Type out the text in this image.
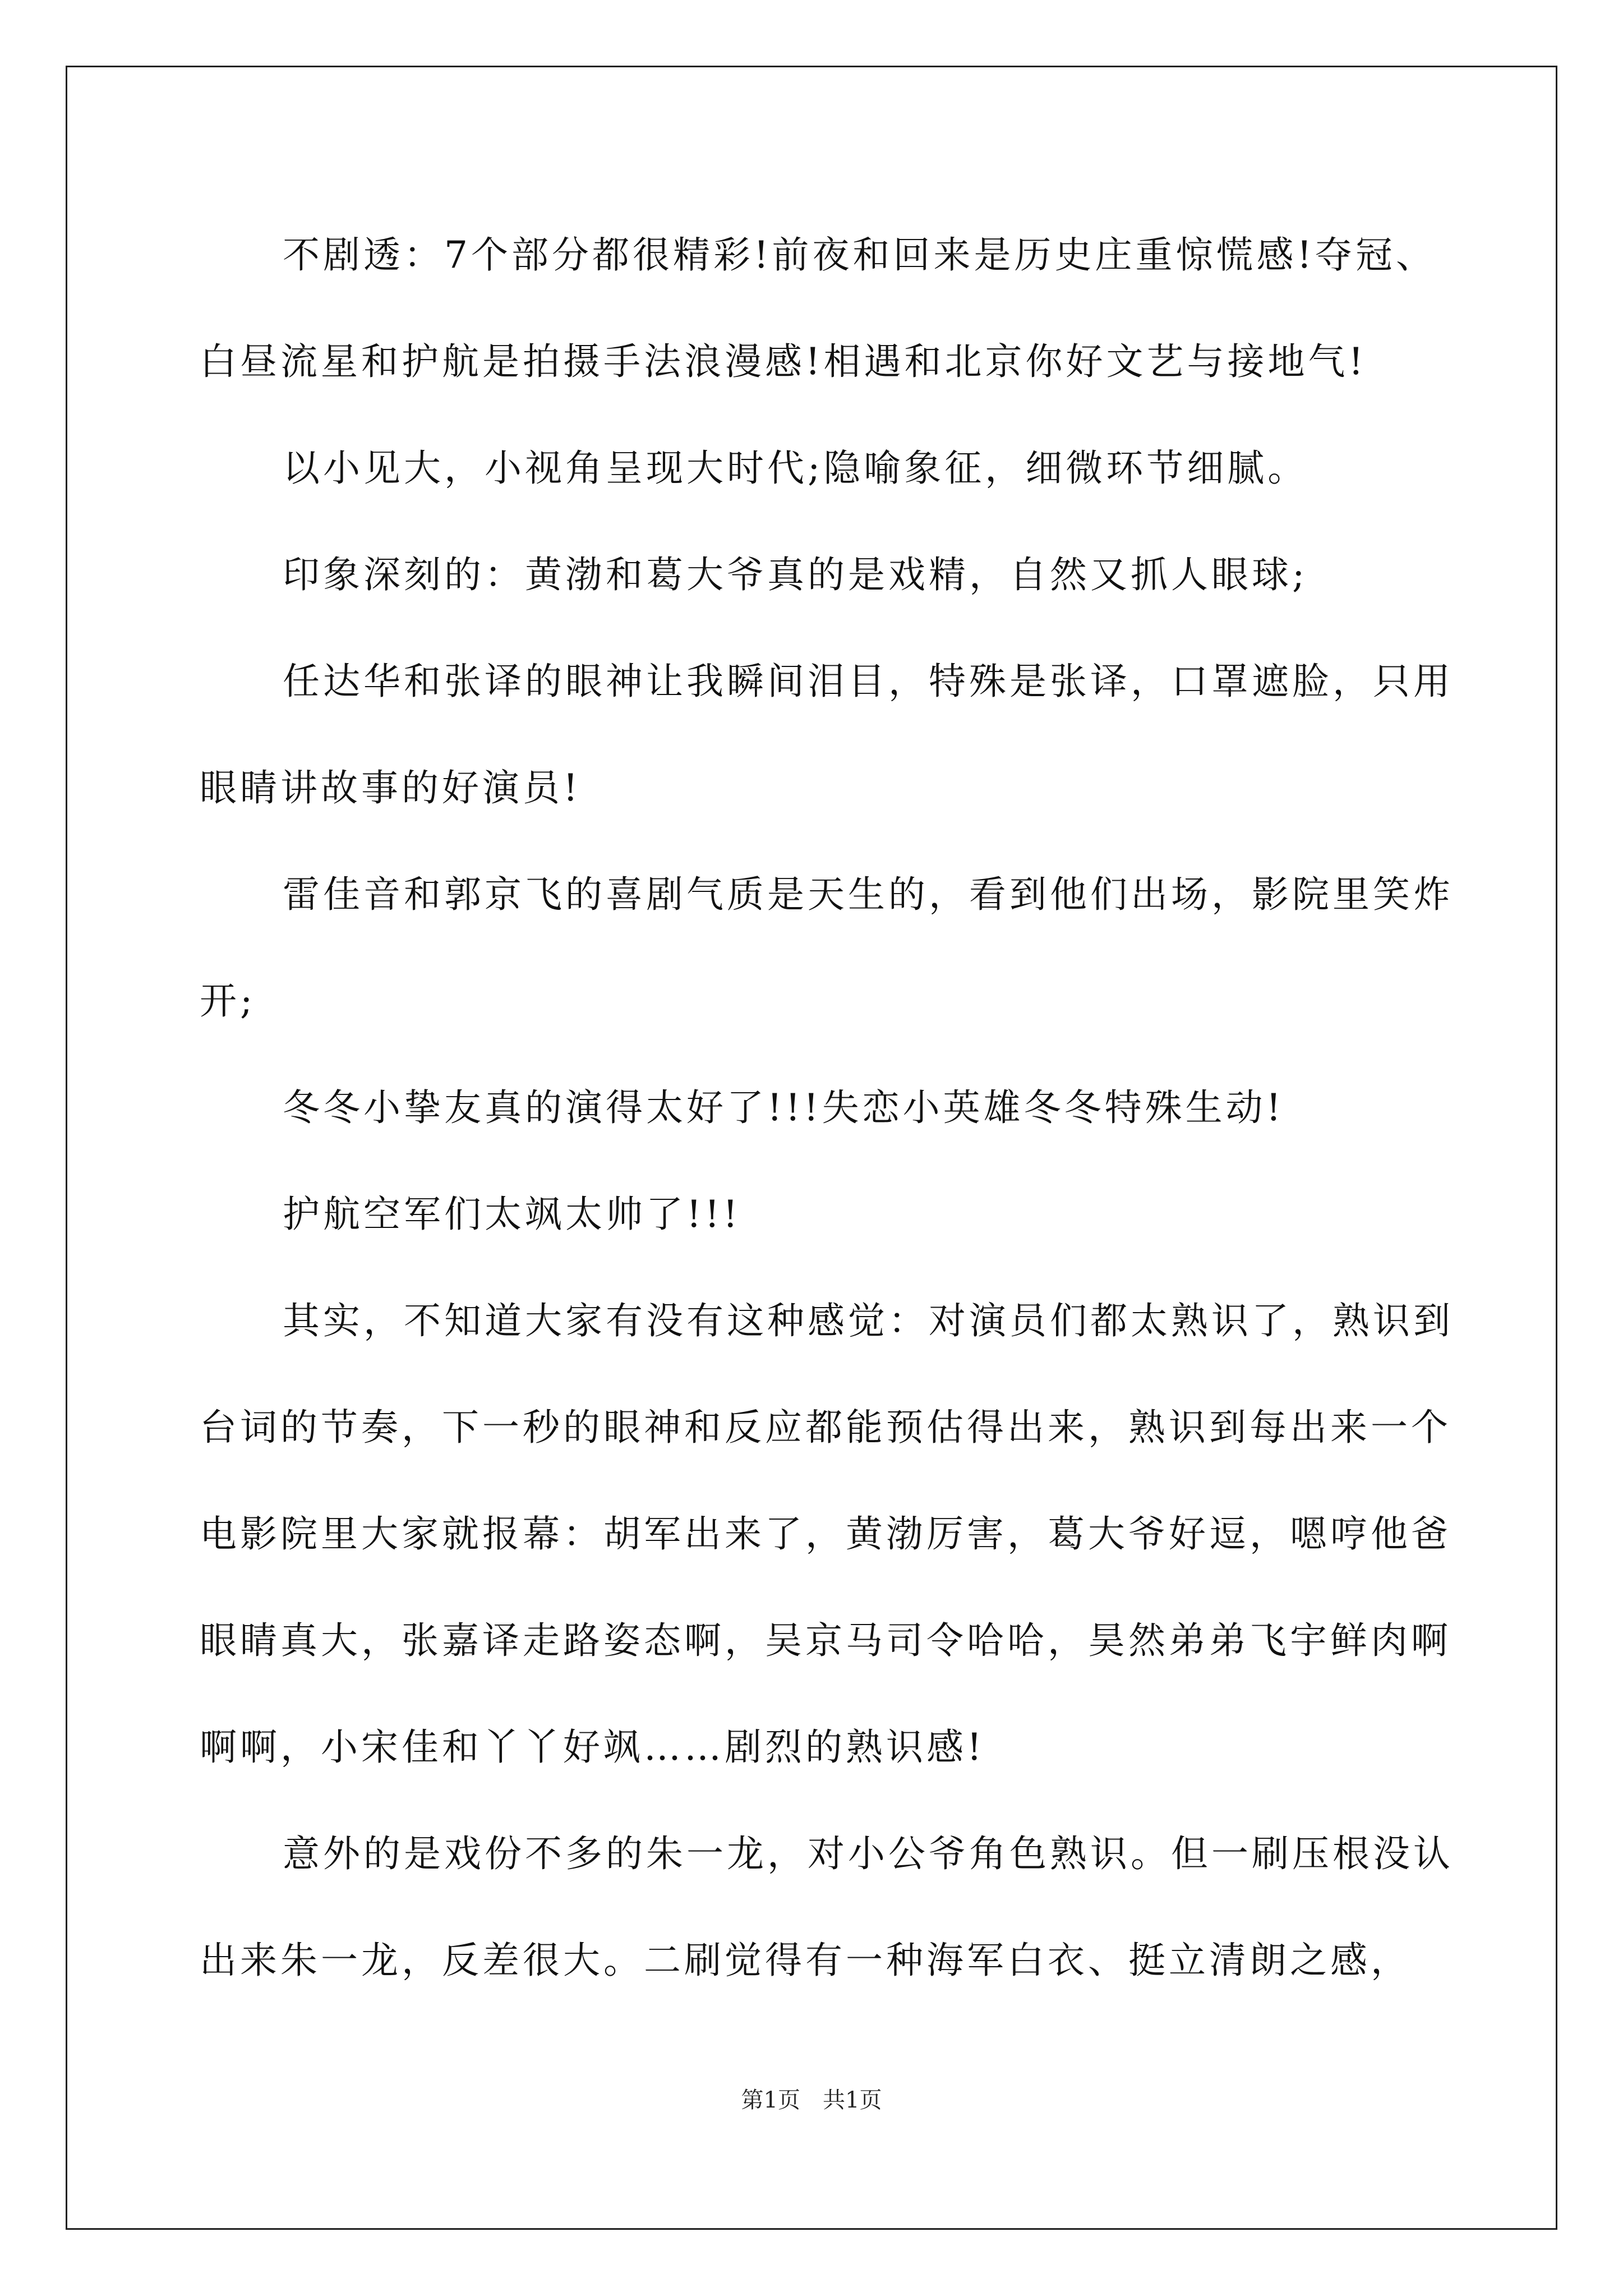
不剧透：7个部分都很精彩!前夜和回来是历史庄重惊慌感!夺冠、白昼流星和护航是拍摄手法浪漫感!相遇和北京你好文艺与接地气!

以小见大，小视角呈现大时代;隐喻象征，细微环节细腻。

印象深刻的：黄渤和葛大爷真的是戏精，自然又抓人眼球;

任达华和张译的眼神让我瞬间泪目，特殊是张译，口罩遮脸，只用眼睛讲故事的好演员!

雷佳音和郭京飞的喜剧气质是天生的，看到他们出场，影院里笑炸开;

冬冬小挚友真的演得太好了!!!失恋小英雄冬冬特殊生动!

护航空军们太飒太帅了!!!

其实，不知道大家有没有这种感觉：对演员们都太熟识了，熟识到台词的节奏，下一秒的眼神和反应都能预估得出来，熟识到每出来一个电影院里大家就报幕：胡军出来了，黄渤厉害，葛大爷好逗，嗯哼他爸眼睛真大，张嘉译走路姿态啊，吴京马司令哈哈，昊然弟弟飞宇鲜肉啊啊啊，小宋佳和丫丫好飒……剧烈的熟识感!

意外的是戏份不多的朱一龙，对小公爷角色熟识。但一刷压根没认出来朱一龙，反差很大。二刷觉得有一种海军白衣、挺立清朗之感，

第1页　共1页
